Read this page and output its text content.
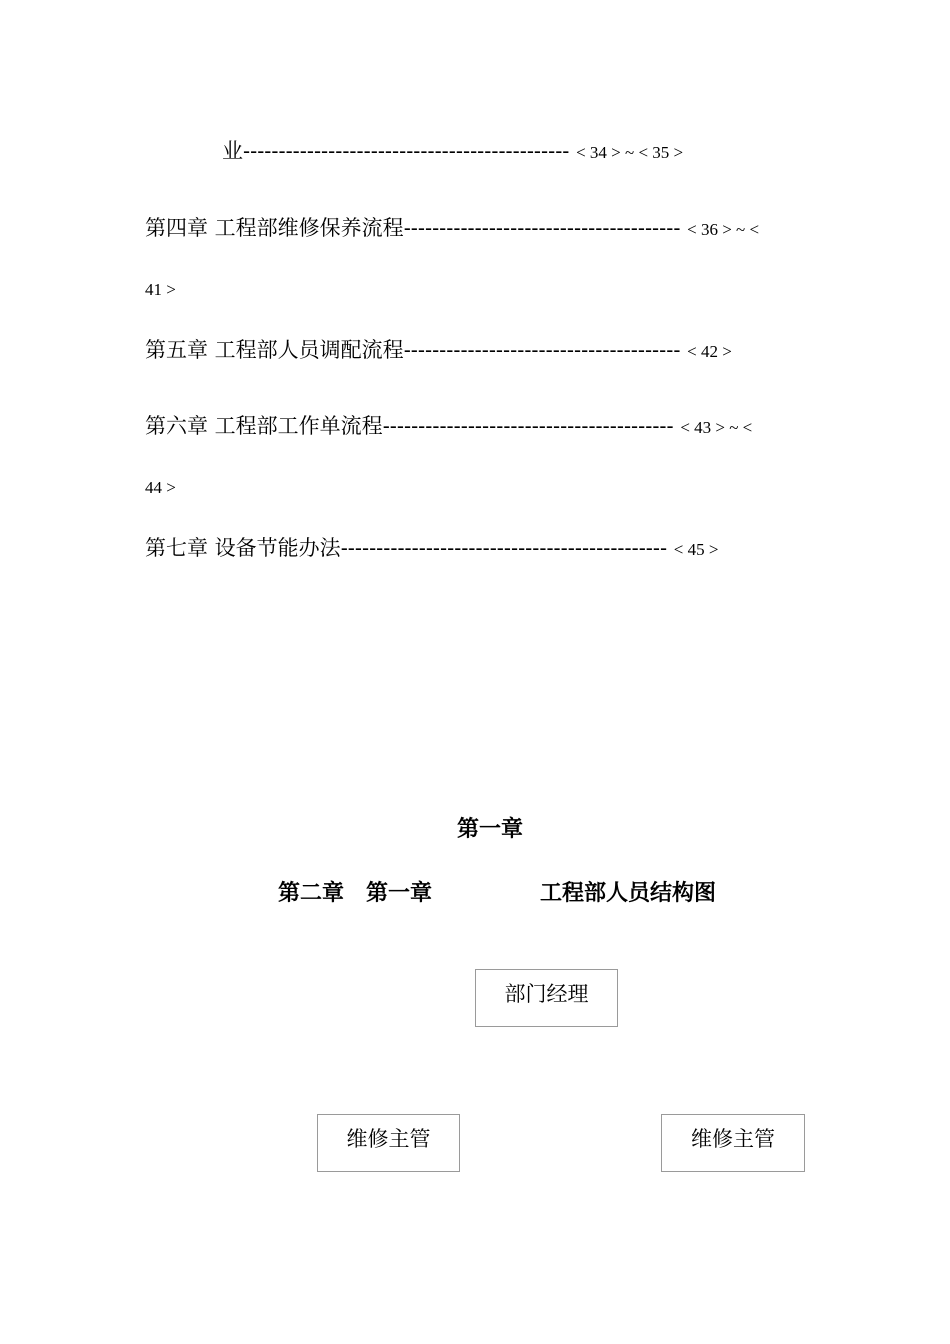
业---------------------------------------------- < 34 > ~ < 35 >
第四章 工程部维修保养流程--------------------------------------- < 36 > ~ <
41 >
第五章 工程部人员调配流程--------------------------------------- < 42 >
第六章 工程部工作单流程----------------------------------------- < 43 > ~ <
44 >
第七章 设备节能办法---------------------------------------------- < 45 >
第一章
第二章　第一章	工程部人员结构图
部门经理
维修主管	维修主管
